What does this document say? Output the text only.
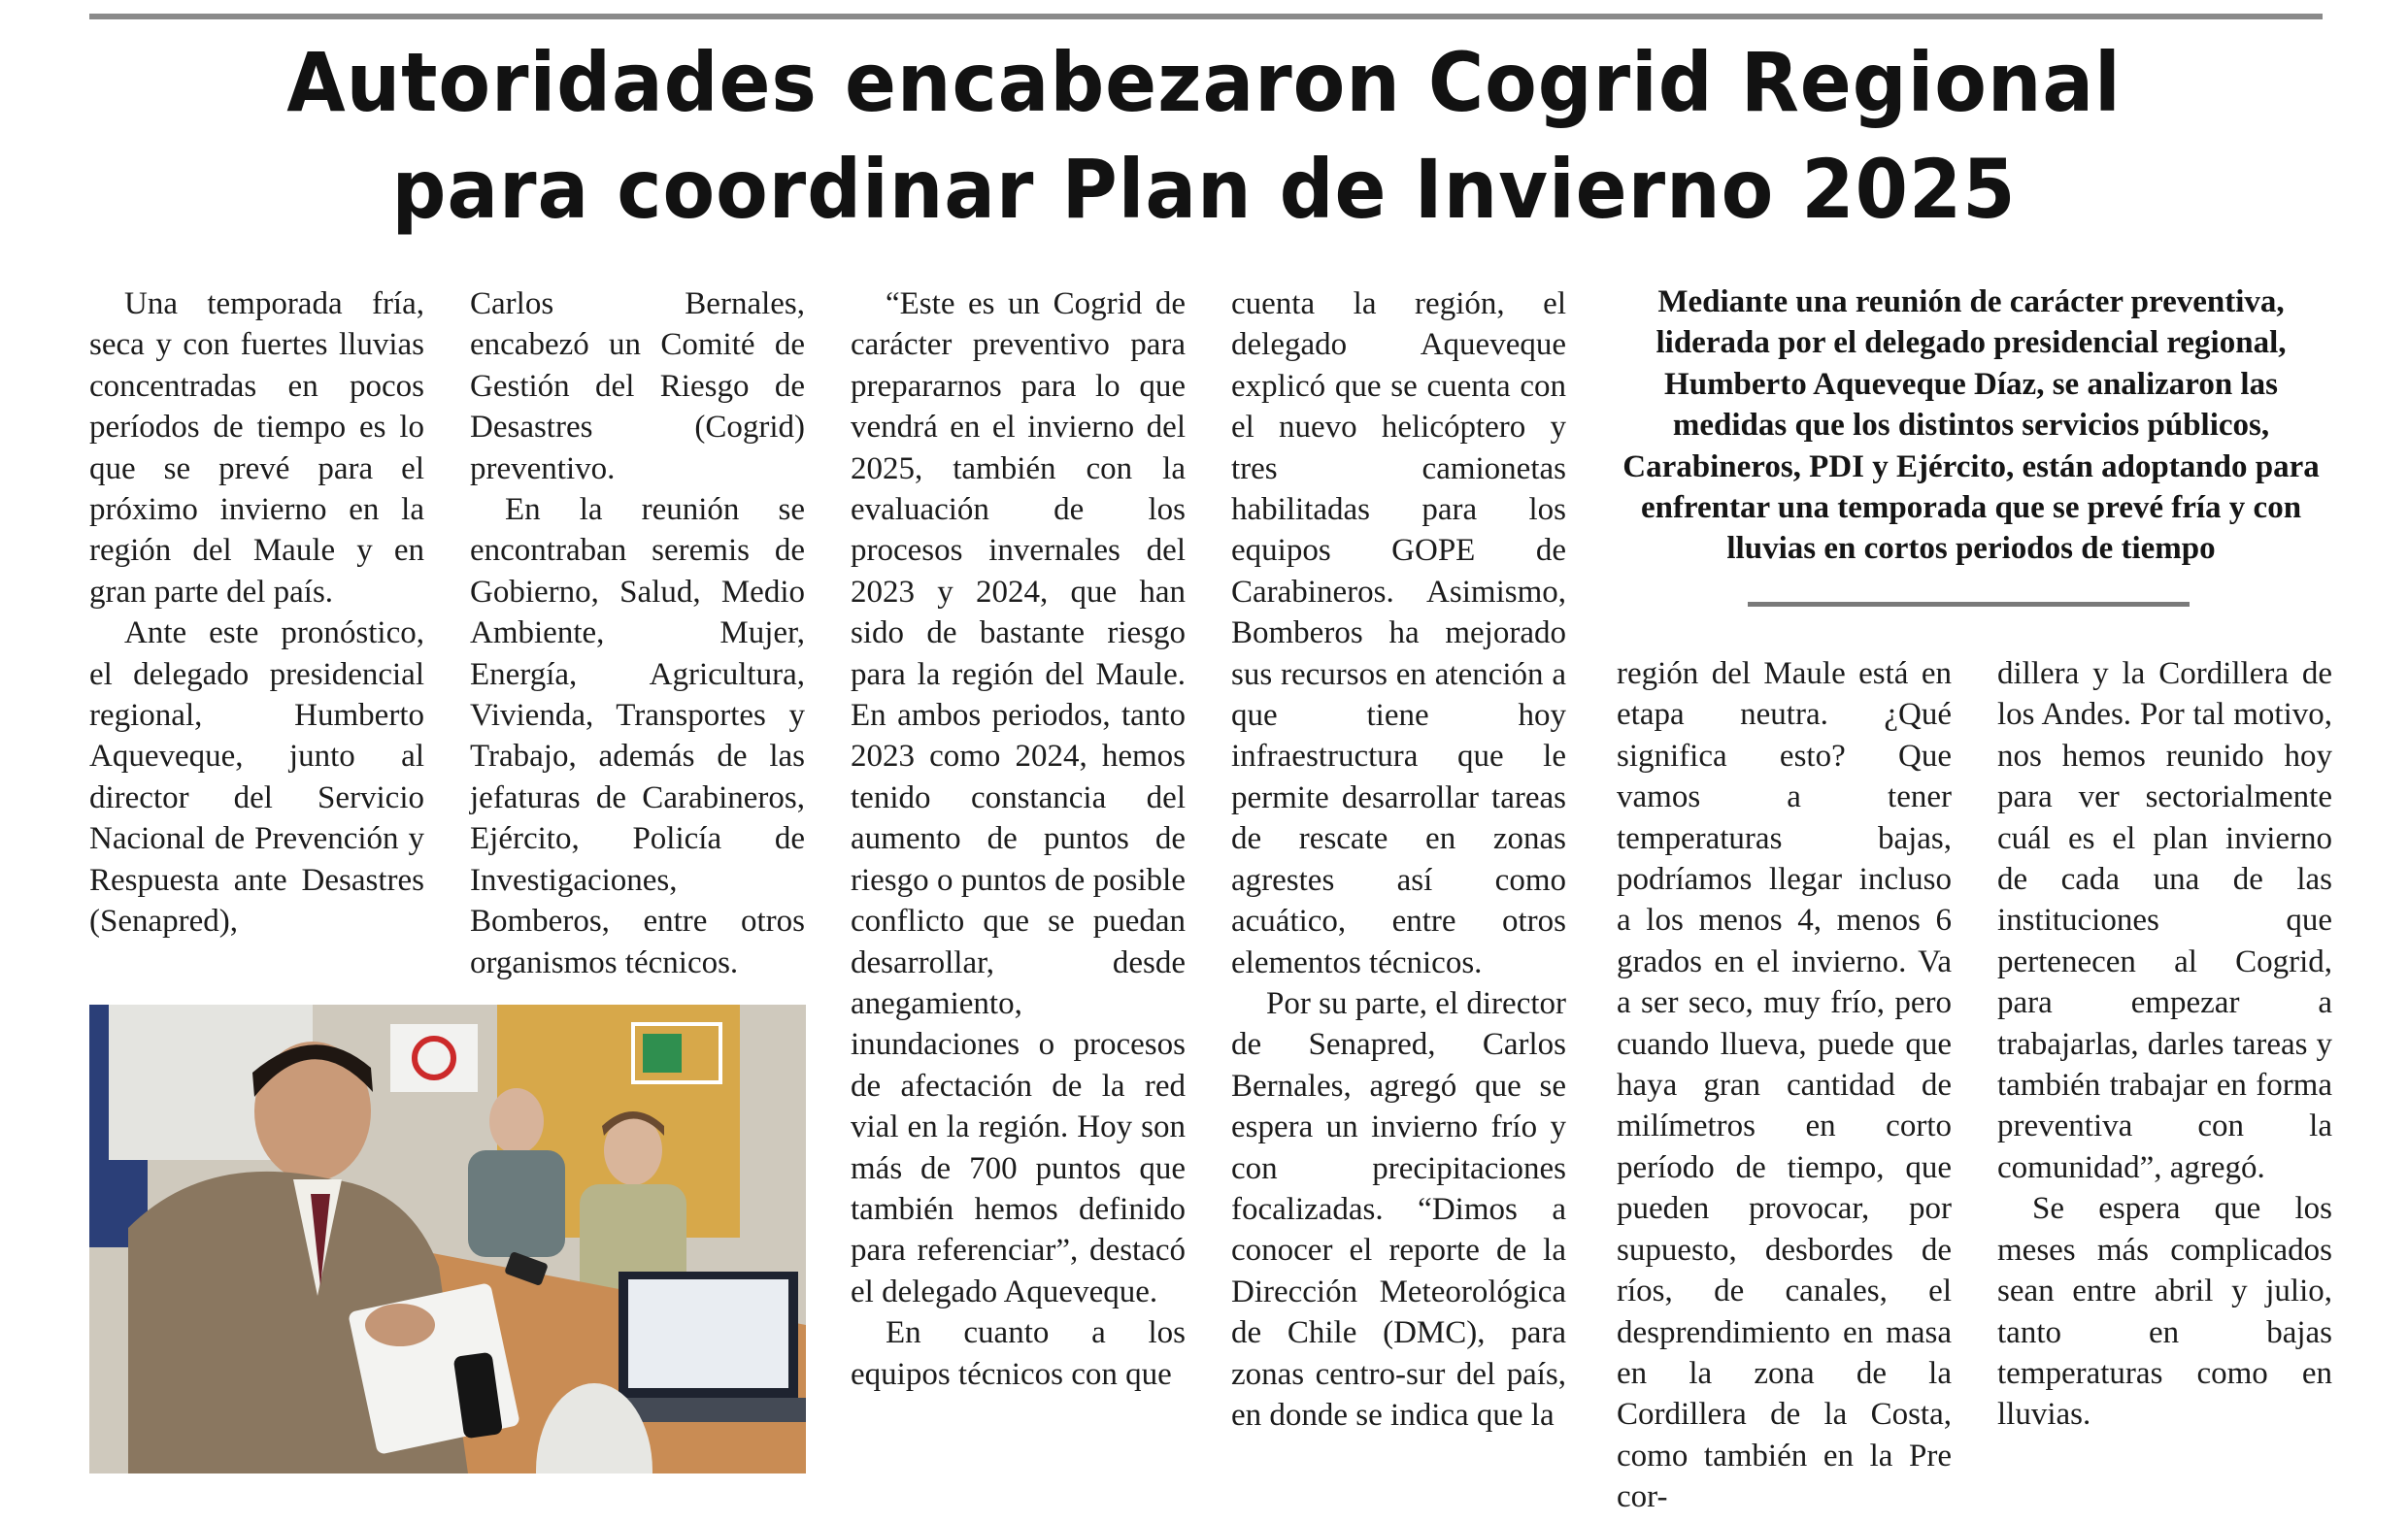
Autoridades encabezaron Cogrid Regional
para coordinar Plan de Invierno 2025

Una temporada fría, seca y con fuertes lluvias concentradas en pocos períodos de tiempo es lo que se prevé para el próximo invierno en la región del Maule y en gran parte del país.

Ante este pronóstico, el delegado presidencial regional, Humberto Aqueveque, junto al director del Servicio Nacional de Prevención y Respuesta ante Desastres (Senapred),

Carlos Bernales, encabezó un Comité de Gestión del Riesgo de Desastres (Cogrid) preventivo.

En la reunión se encontraban seremis de Gobierno, Salud, Medio Ambiente, Mujer, Energía, Agricultura, Vivienda, Transportes y Trabajo, además de las jefaturas de Carabineros, Ejército, Policía de Investigaciones, Bomberos, entre otros organismos técnicos.

“Este es un Cogrid de carácter preventivo para prepararnos para lo que vendrá en el invierno del 2025, también con la evaluación de los procesos invernales del 2023 y 2024, que han sido de bastante riesgo para la región del Maule. En ambos periodos, tanto 2023 como 2024, hemos tenido constancia del aumento de puntos de riesgo o puntos de posible conflicto que se puedan desarrollar, desde anegamiento, inundaciones o procesos de afectación de la red vial en la región. Hoy son más de 700 puntos que también hemos definido para referenciar”, destacó el delegado Aqueveque.

En cuanto a los equipos técnicos con que

cuenta la región, el delegado Aqueveque explicó que se cuenta con el nuevo helicóptero y tres camionetas habilitadas para los equipos GOPE de Carabineros. Asimismo, Bomberos ha mejorado sus recursos en atención a que tiene hoy infraestructura que le permite desarrollar tareas de rescate en zonas agrestes así como acuático, entre otros elementos técnicos.

Por su parte, el director de Senapred, Carlos Bernales, agregó que se espera un invierno frío y con precipitaciones focalizadas. “Dimos a conocer el reporte de la Dirección Meteorológica de Chile (DMC), para zonas centro-sur del país, en donde se indica que la

Mediante una reunión de carácter preventiva, liderada por el delegado presidencial regional, Humberto Aqueveque Díaz, se analizaron las medidas que los distintos servicios públicos, Carabineros, PDI y Ejército, están adoptando para enfrentar una temporada que se prevé fría y con lluvias en cortos periodos de tiempo

región del Maule está en etapa neutra. ¿Qué significa esto? Que vamos a tener temperaturas bajas, podríamos llegar incluso a los menos 4, menos 6 grados en el invierno. Va a ser seco, muy frío, pero cuando llueva, puede que haya gran cantidad de milímetros en corto período de tiempo, que pueden provocar, por supuesto, desbordes de ríos, de canales, el desprendimiento en masa en la zona de la Cordillera de la Costa, como también en la Pre cor-

dillera y la Cordillera de los Andes. Por tal motivo, nos hemos reunido hoy para ver sectorialmente cuál es el plan invierno de cada una de las instituciones que pertenecen al Cogrid, para empezar a trabajarlas, darles tareas y también trabajar en forma preventiva con la comunidad”, agregó.

Se espera que los meses más complicados sean entre abril y julio, tanto en bajas temperaturas como en lluvias.
